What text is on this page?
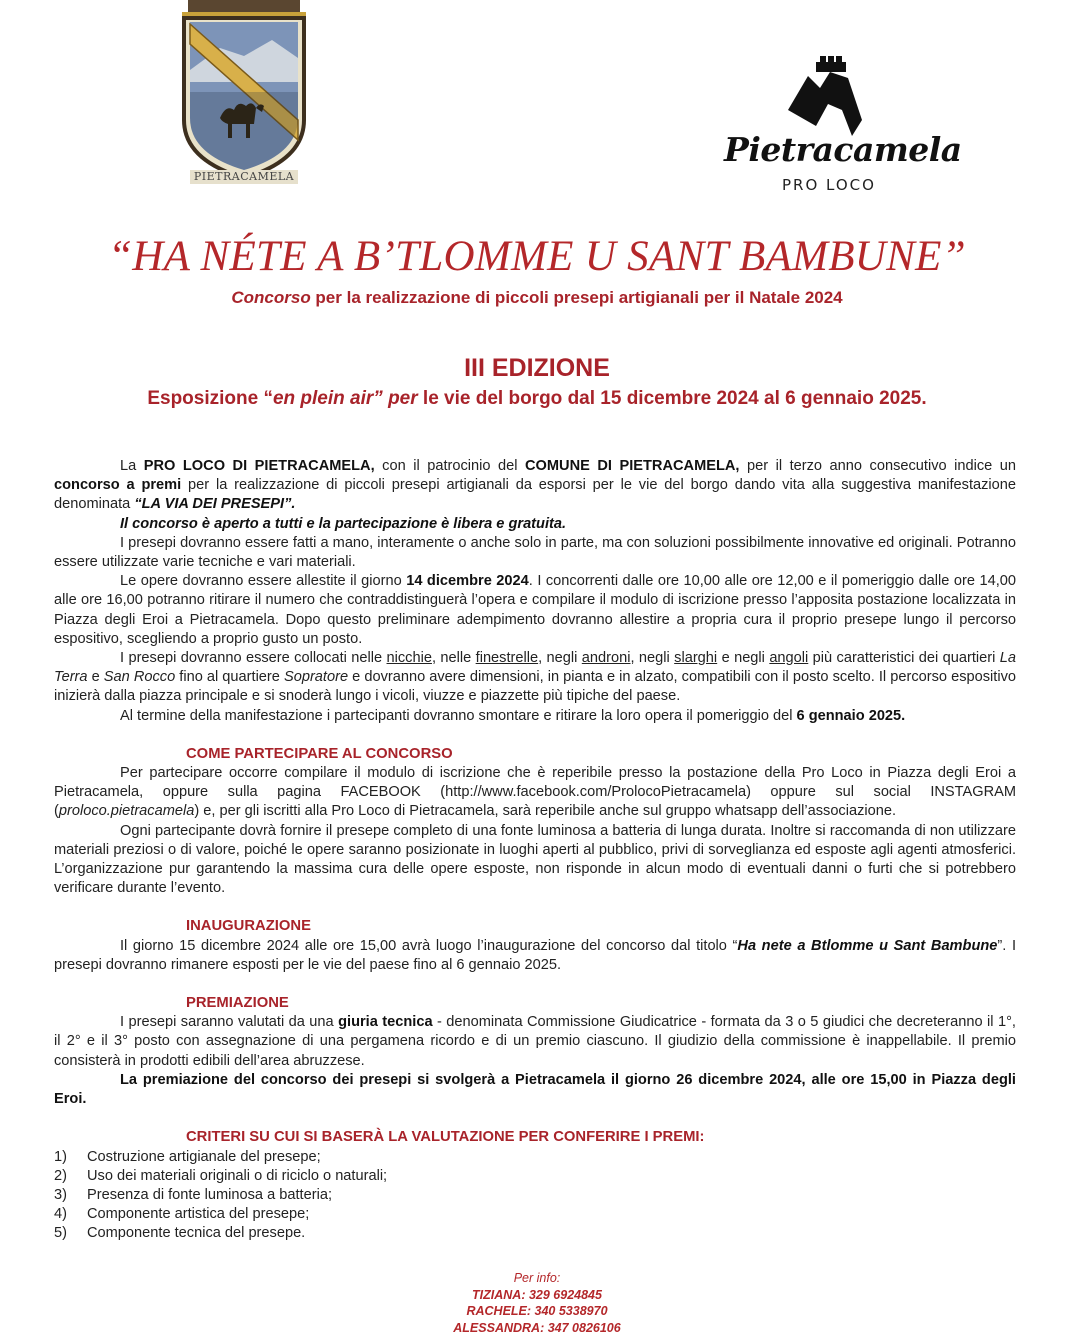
PIETRACAMELA
Pietracamela
PRO LOCO
“HA NÉTE A B’TLOMME U SANT BAMBUNE”
Concorso per la realizzazione di piccoli presepi artigianali per il Natale 2024
III EDIZIONE
Esposizione “en plein air” per le vie del borgo dal 15 dicembre 2024 al 6 gennaio 2025.

La PRO LOCO DI PIETRACAMELA, con il patrocinio del COMUNE DI PIETRACAMELA, per il terzo anno consecutivo indice un concorso a premi per la realizzazione di piccoli presepi artigianali da esporsi per le vie del borgo dando vita alla suggestiva manifestazione denominata “LA VIA DEI PRESEPI”.

Il concorso è aperto a tutti e la partecipazione è libera e gratuita.

I presepi dovranno essere fatti a mano, interamente o anche solo in parte, ma con soluzioni possibilmente innovative ed originali. Potranno essere utilizzate varie tecniche e vari materiali.

Le opere dovranno essere allestite il giorno 14 dicembre 2024. I concorrenti dalle ore 10,00 alle ore 12,00 e il pomeriggio dalle ore 14,00 alle ore 16,00 potranno ritirare il numero che contraddistinguerà l’opera e compilare il modulo di iscrizione presso l’apposita postazione localizzata in Piazza degli Eroi a Pietracamela. Dopo questo preliminare adempimento dovranno allestire a propria cura il proprio presepe lungo il percorso espositivo, scegliendo a proprio gusto un posto.

I presepi dovranno essere collocati nelle nicchie, nelle finestrelle, negli androni, negli slarghi e negli angoli più caratteristici dei quartieri La Terra e San Rocco fino al quartiere Sopratore e dovranno avere dimensioni, in pianta e in alzato, compatibili con il posto scelto. Il percorso espositivo inizierà dalla piazza principale e si snoderà lungo i vicoli, viuzze e piazzette più tipiche del paese.

Al termine della manifestazione i partecipanti dovranno smontare e ritirare la loro opera il pomeriggio del 6 gennaio 2025.

COME PARTECIPARE AL CONCORSO

Per partecipare occorre compilare il modulo di iscrizione che è reperibile presso la postazione della Pro Loco in Piazza degli Eroi a Pietracamela, oppure sulla pagina FACEBOOK (http://www.facebook.com/ProlocoPietracamela) oppure sul social INSTAGRAM (proloco.pietracamela) e, per gli iscritti alla Pro Loco di Pietracamela, sarà reperibile anche sul gruppo whatsapp dell’associazione.

Ogni partecipante dovrà fornire il presepe completo di una fonte luminosa a batteria di lunga durata. Inoltre si raccomanda di non utilizzare materiali preziosi o di valore, poiché le opere saranno posizionate in luoghi aperti al pubblico, privi di sorveglianza ed esposte agli agenti atmosferici. L’organizzazione pur garantendo la massima cura delle opere esposte, non risponde in alcun modo di eventuali danni o furti che si potrebbero verificare durante l’evento.

INAUGURAZIONE

Il giorno 15 dicembre 2024 alle ore 15,00 avrà luogo l’inaugurazione del concorso dal titolo “Ha nete a Btlomme u Sant Bambune”. I presepi dovranno rimanere esposti per le vie del paese fino al 6 gennaio 2025.

PREMIAZIONE

I presepi saranno valutati da una giuria tecnica - denominata Commissione Giudicatrice - formata da 3 o 5 giudici che decreteranno il 1°, il 2° e il 3° posto con assegnazione di una pergamena ricordo e di un premio ciascuno. Il giudizio della commissione è inappellabile. Il premio consisterà in prodotti edibili dell’area abruzzese.

La premiazione del concorso dei presepi si svolgerà a Pietracamela il giorno 26 dicembre 2024, alle ore 15,00 in Piazza degli Eroi.

CRITERI SU CUI SI BASERÀ LA VALUTAZIONE PER CONFERIRE I PREMI:

1)	Costruzione artigianale del presepe;
2)	Uso dei materiali originali o di riciclo o naturali;
3)	Presenza di fonte luminosa a batteria;
4)	Componente artistica del presepe;
5)	Componente tecnica del presepe.
Per info:
TIZIANA: 329 6924845
RACHELE: 340 5338970
ALESSANDRA: 347 0826106
